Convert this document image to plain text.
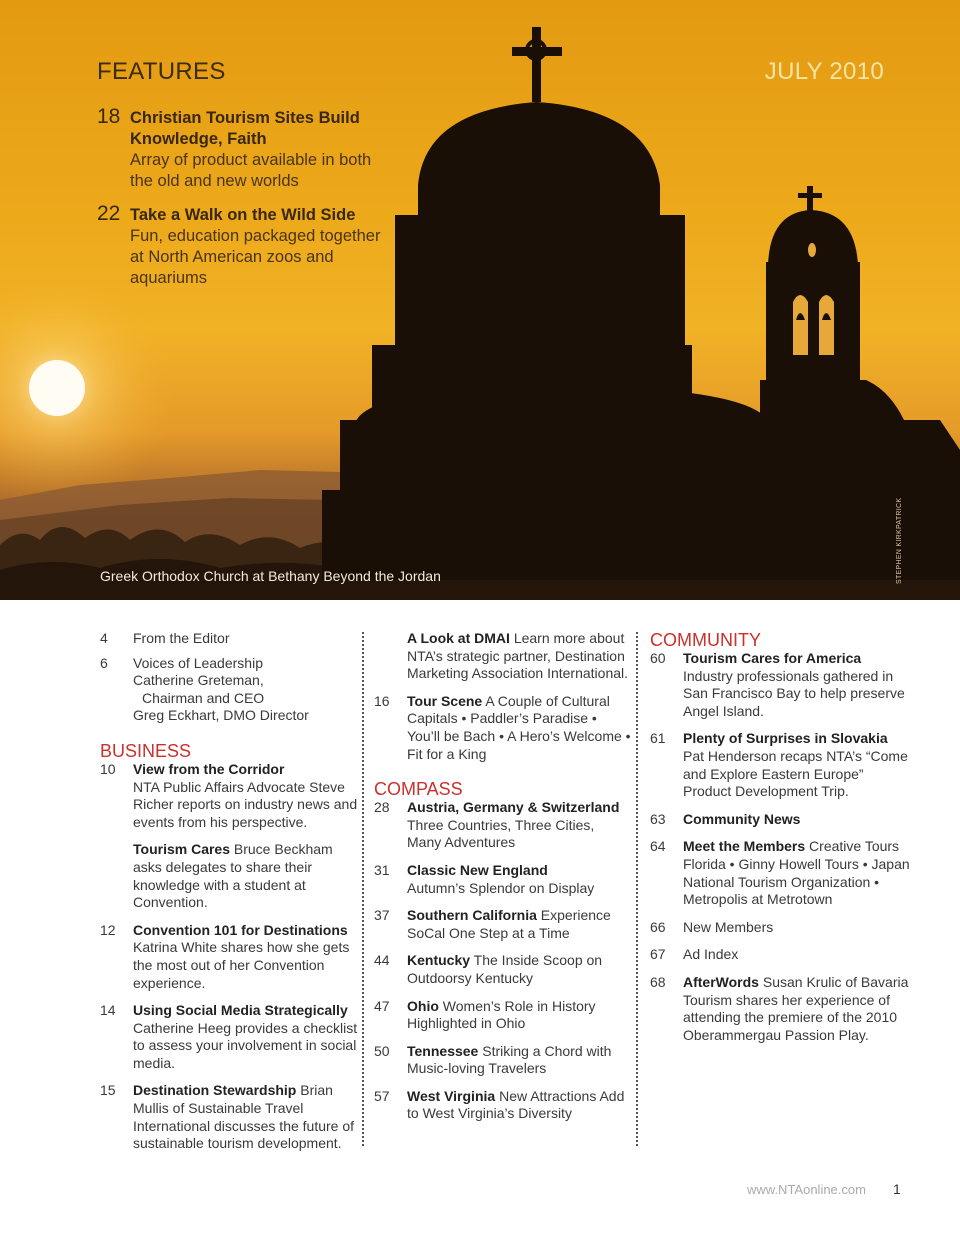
FEATURES	JULY 2010
18 Christian Tourism Sites Build Knowledge, Faith
Array of product available in both the old and new worlds
22 Take a Walk on the Wild Side
Fun, education packaged together at North American zoos and aquariums
Greek Orthodox Church at Bethany Beyond the Jordan	STEPHEN KIRKPATRICK
4 From the Editor
6 Voices of Leadership
Catherine Greteman,
Chairman and CEO
Greg Eckhart, DMO Director
BUSINESS
10 View from the Corridor
NTA Public Affairs Advocate Steve Richer reports on industry news and events from his perspective.
Tourism Cares Bruce Beckham asks delegates to share their knowledge with a student at Convention.
12 Convention 101 for Destinations Katrina White shares how she gets the most out of her Convention experience.
14 Using Social Media Strategically Catherine Heeg provides a checklist to assess your involvement in social media.
15 Destination Stewardship Brian Mullis of Sustainable Travel International discusses the future of sustainable tourism development.
A Look at DMAI Learn more about NTA’s strategic partner, Destination Marketing Association International.
16 Tour Scene A Couple of Cultural Capitals • Paddler’s Paradise • You’ll be Bach • A Hero’s Welcome • Fit for a King
COMPASS
28 Austria, Germany & Switzerland
Three Countries, Three Cities, Many Adventures
31 Classic New England
Autumn’s Splendor on Display
37 Southern California Experience SoCal One Step at a Time
44 Kentucky The Inside Scoop on Outdoorsy Kentucky
47 Ohio Women’s Role in History Highlighted in Ohio
50 Tennessee Striking a Chord with Music-loving Travelers
57 West Virginia New Attractions Add to West Virginia’s Diversity
COMMUNITY
60 Tourism Cares for America
Industry professionals gathered in San Francisco Bay to help preserve Angel Island.
61 Plenty of Surprises in Slovakia
Pat Henderson recaps NTA’s “Come and Explore Eastern Europe” Product Development Trip.
63 Community News
64 Meet the Members Creative Tours Florida • Ginny Howell Tours • Japan National Tourism Organization • Metropolis at Metrotown
66 New Members
67 Ad Index
68 AfterWords Susan Krulic of Bavaria Tourism shares her experience of attending the premiere of the 2010 Oberammergau Passion Play.
www.NTAonline.com 1
